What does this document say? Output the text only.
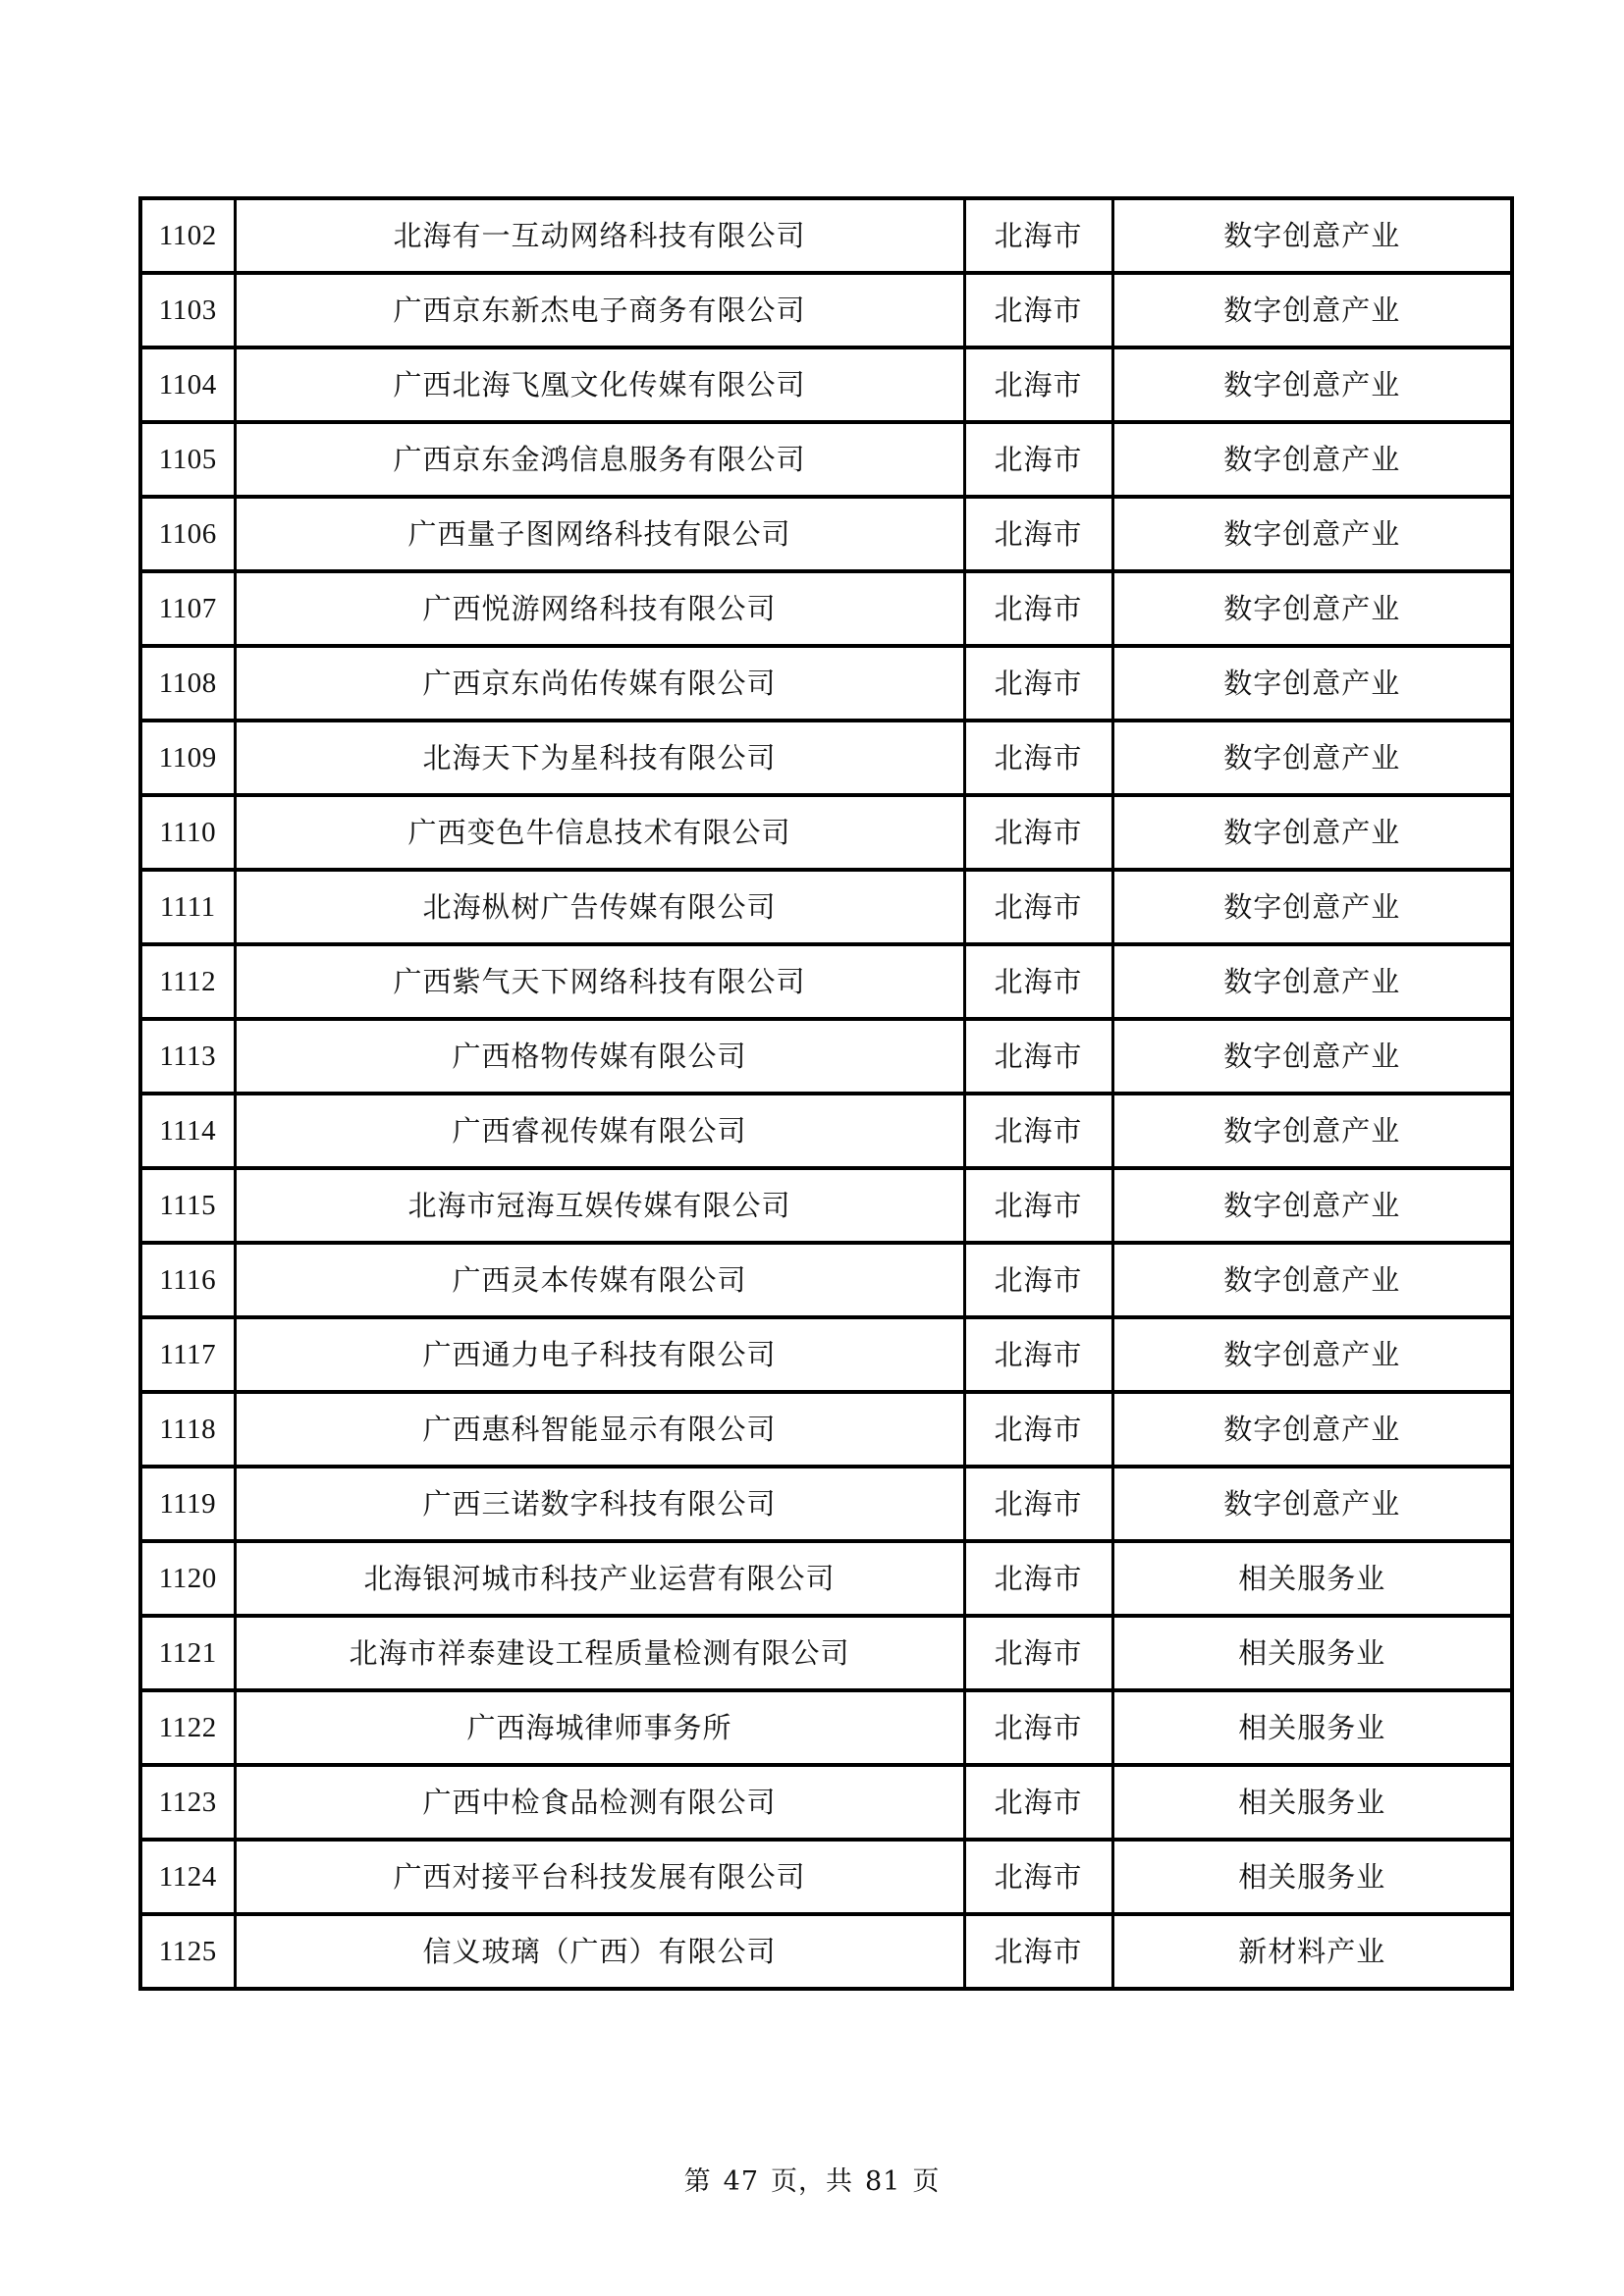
1102	北海有一互动网络科技有限公司	北海市	数字创意产业
1103	广西京东新杰电子商务有限公司	北海市	数字创意产业
1104	广西北海飞凰文化传媒有限公司	北海市	数字创意产业
1105	广西京东金鸿信息服务有限公司	北海市	数字创意产业
1106	广西量子图网络科技有限公司	北海市	数字创意产业
1107	广西悦游网络科技有限公司	北海市	数字创意产业
1108	广西京东尚佑传媒有限公司	北海市	数字创意产业
1109	北海天下为星科技有限公司	北海市	数字创意产业
1110	广西变色牛信息技术有限公司	北海市	数字创意产业
1111	北海枞树广告传媒有限公司	北海市	数字创意产业
1112	广西紫气天下网络科技有限公司	北海市	数字创意产业
1113	广西格物传媒有限公司	北海市	数字创意产业
1114	广西睿视传媒有限公司	北海市	数字创意产业
1115	北海市冠海互娱传媒有限公司	北海市	数字创意产业
1116	广西灵本传媒有限公司	北海市	数字创意产业
1117	广西通力电子科技有限公司	北海市	数字创意产业
1118	广西惠科智能显示有限公司	北海市	数字创意产业
1119	广西三诺数字科技有限公司	北海市	数字创意产业
1120	北海银河城市科技产业运营有限公司	北海市	相关服务业
1121	北海市祥泰建设工程质量检测有限公司	北海市	相关服务业
1122	广西海城律师事务所	北海市	相关服务业
1123	广西中检食品检测有限公司	北海市	相关服务业
1124	广西对接平台科技发展有限公司	北海市	相关服务业
1125	信义玻璃（广西）有限公司	北海市	新材料产业
第 47 页，共 81 页
